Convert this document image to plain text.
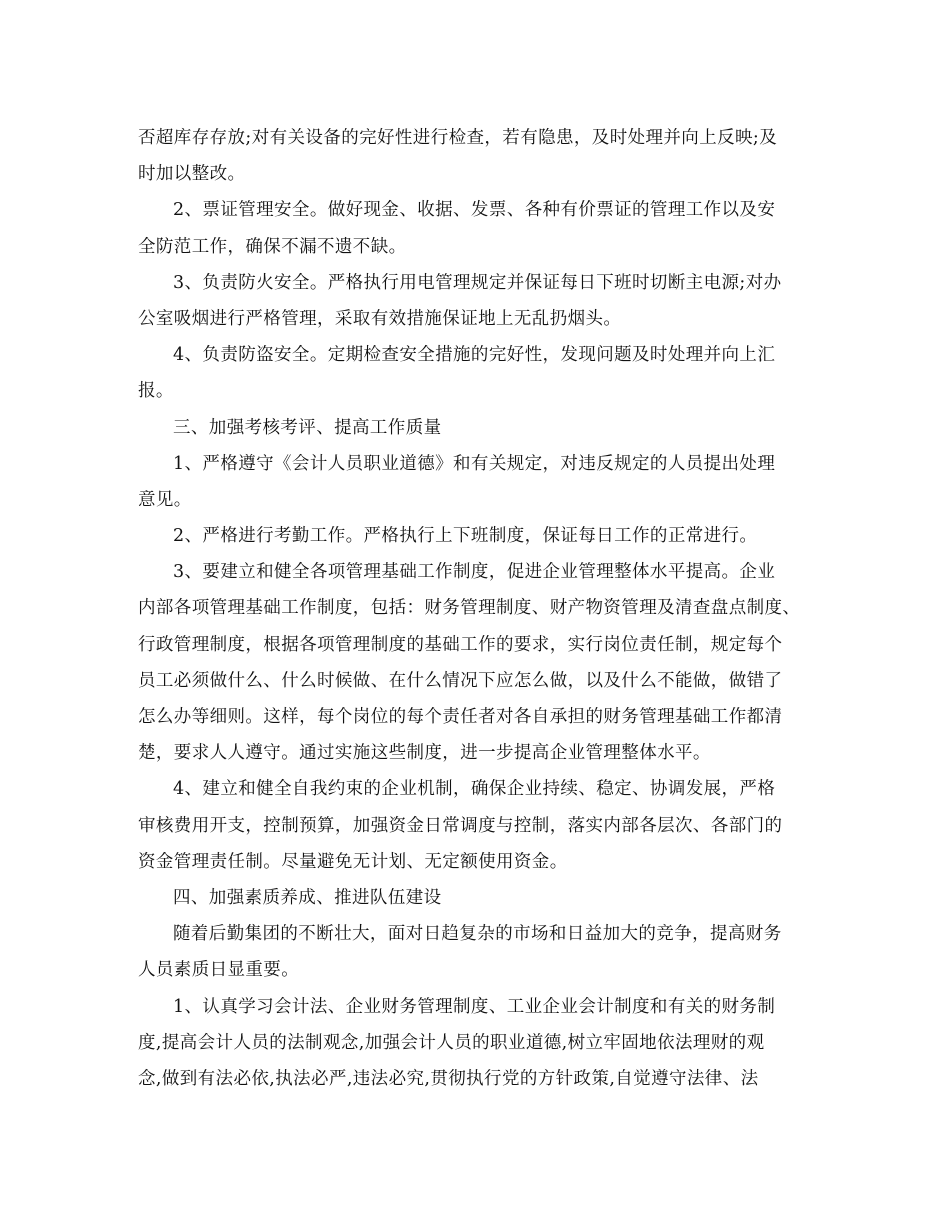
否超库存存放;对有关设备的完好性进行检查，若有隐患，及时处理并向上反映;及
时加以整改。
2、票证管理安全。做好现金、收据、发票、各种有价票证的管理工作以及安
全防范工作，确保不漏不遗不缺。
3、负责防火安全。严格执行用电管理规定并保证每日下班时切断主电源;对办
公室吸烟进行严格管理，采取有效措施保证地上无乱扔烟头。
4、负责防盗安全。定期检查安全措施的完好性，发现问题及时处理并向上汇
报。
三、加强考核考评、提高工作质量
1、严格遵守《会计人员职业道德》和有关规定，对违反规定的人员提出处理
意见。
2、严格进行考勤工作。严格执行上下班制度，保证每日工作的正常进行。
3、要建立和健全各项管理基础工作制度，促进企业管理整体水平提高。企业
内部各项管理基础工作制度，包括：财务管理制度、财产物资管理及清查盘点制度、
行政管理制度，根据各项管理制度的基础工作的要求，实行岗位责任制，规定每个
员工必须做什么、什么时候做、在什么情况下应怎么做，以及什么不能做，做错了
怎么办等细则。这样，每个岗位的每个责任者对各自承担的财务管理基础工作都清
楚，要求人人遵守。通过实施这些制度，进一步提高企业管理整体水平。
4、建立和健全自我约束的企业机制，确保企业持续、稳定、协调发展，严格
审核费用开支，控制预算，加强资金日常调度与控制，落实内部各层次、各部门的
资金管理责任制。尽量避免无计划、无定额使用资金。
四、加强素质养成、推进队伍建设
随着后勤集团的不断壮大，面对日趋复杂的市场和日益加大的竞争，提高财务
人员素质日显重要。
1、认真学习会计法、企业财务管理制度、工业企业会计制度和有关的财务制
度,提高会计人员的法制观念,加强会计人员的职业道德,树立牢固地依法理财的观
念,做到有法必依,执法必严,违法必究,贯彻执行党的方针政策,自觉遵守法律、法
